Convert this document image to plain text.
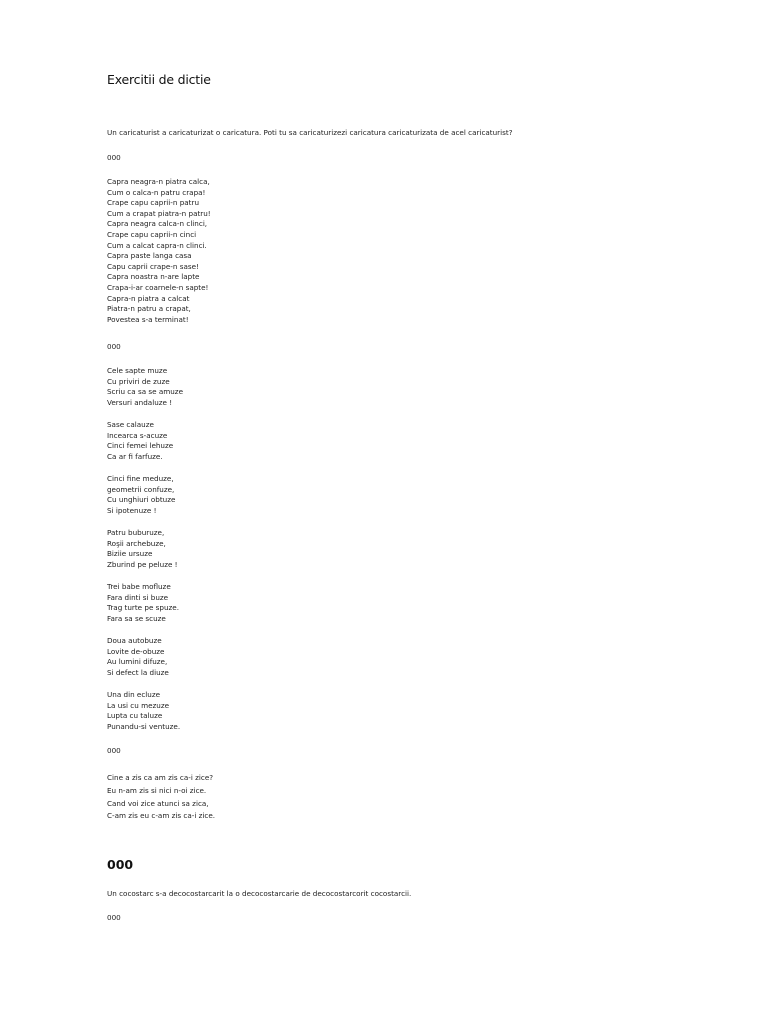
Exercitii de dictie

Un caricaturist a caricaturizat o caricatura. Poti tu sa caricaturizezi caricatura caricaturizata de acel caricaturist?

000

Capra neagra-n piatra calca,
Cum o calca-n patru crapa!
Crape capu caprii-n patru
Cum a crapat piatra-n patru!
Capra neagra calca-n clinci,
Crape capu caprii-n cinci
Cum a calcat capra-n clinci.
Capra paste langa casa
Capu caprii crape-n sase!
Capra noastra n-are lapte
Crapa-i-ar coarnele-n sapte!
Capra-n piatra a calcat
Piatra-n patru a crapat,
Povestea s-a terminat!

000

Cele sapte muze
Cu priviri de zuze
Scriu ca sa se amuze
Versuri andaluze !
Sase calauze
Incearca s-acuze
Cinci femei lehuze
Ca ar fi farfuze.
Cinci fine meduze,
geometrii confuze,
Cu unghiuri obtuze
Si ipotenuze !
Patru buburuze,
Roşii archebuze,
Biziie ursuze
Zburind pe peluze !
Trei babe mofluze
Fara dinti si buze
Trag turte pe spuze.
Fara sa se scuze
Doua autobuze
Lovite de-obuze
Au lumini difuze,
Si defect la diuze
Una din ecluze
La usi cu mezuze
Lupta cu taluze
Punandu-si ventuze.

000

Cine a zis ca am zis ca-i zice?
Eu n-am zis si nici n-oi zice.
Cand voi zice atunci sa zica,
C-am zis eu c-am zis ca-i zice.
000

Un cocostarc s-a decocostarcarit la o decocostarcarie de decocostarcorit cocostarcii.

000
